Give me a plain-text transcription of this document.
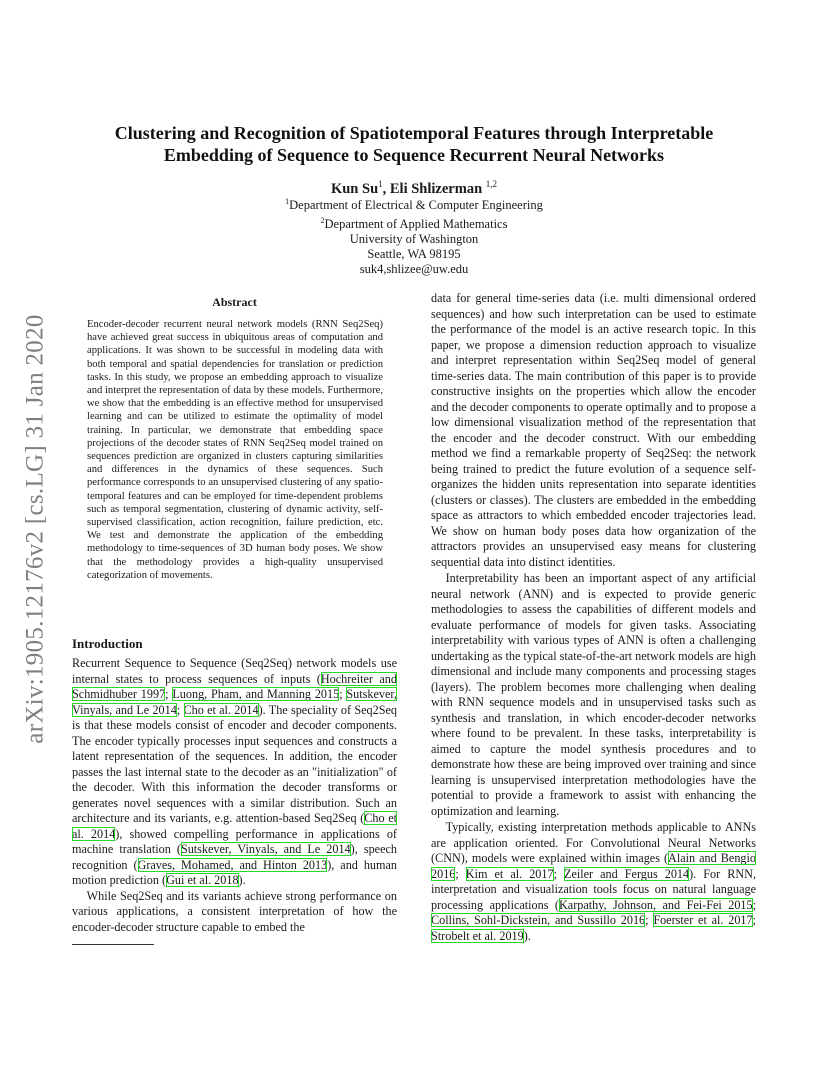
arXiv:1905.12176v2 [cs.LG] 31 Jan 2020
Clustering and Recognition of Spatiotemporal Features through Interpretable
Embedding of Sequence to Sequence Recurrent Neural Networks
Kun Su$^1$, Eli Shlizerman $^{1,2}$
$^1$Department of Electrical & Computer Engineering
$^2$Department of Applied Mathematics
University of Washington
Seattle, WA 98195
suk4,shlizee@uw.edu
Abstract
Encoder-decoder recurrent neural network models (RNN Seq2Seq) have achieved great success in ubiquitous areas of computation and applications. It was shown to be successful in modeling data with both temporal and spatial dependencies for translation or prediction tasks. In this study, we propose an embedding approach to visualize and interpret the representation of data by these models. Furthermore, we show that the embedding is an effective method for unsupervised learning and can be utilized to estimate the optimality of model training. In particular, we demonstrate that embedding space projections of the decoder states of RNN Seq2Seq model trained on sequences prediction are organized in clusters capturing similarities and differences in the dynamics of these sequences. Such performance corresponds to an unsupervised clustering of any spatio-temporal features and can be employed for time-dependent problems such as temporal segmentation, clustering of dynamic activity, self-supervised classification, action recognition, failure prediction, etc. We test and demonstrate the application of the embedding methodology to time-sequences of 3D human body poses. We show that the methodology provides a high-quality unsupervised categorization of movements.
Introduction

Recurrent Sequence to Sequence (Seq2Seq) network models use internal states to process sequences of inputs (Hochreiter and Schmidhuber 1997; Luong, Pham, and Manning 2015; Sutskever, Vinyals, and Le 2014; Cho et al. 2014). The speciality of Seq2Seq is that these models consist of encoder and decoder components. The encoder typically processes input sequences and constructs a latent representation of the sequences. In addition, the encoder passes the last internal state to the decoder as an "initialization" of the decoder. With this information the decoder transforms or generates novel sequences with a similar distribution. Such an architecture and its variants, e.g. attention-based Seq2Seq (Cho et al. 2014), showed compelling performance in applications of machine translation (Sutskever, Vinyals, and Le 2014), speech recognition (Graves, Mohamed, and Hinton 2013), and human motion prediction (Gui et al. 2018).

While Seq2Seq and its variants achieve strong performance on various applications, a consistent interpretation of how the encoder-decoder structure capable to embed the

data for general time-series data (i.e. multi dimensional ordered sequences) and how such interpretation can be used to estimate the performance of the model is an active research topic. In this paper, we propose a dimension reduction approach to visualize and interpret representation within Seq2Seq model of general time-series data. The main contribution of this paper is to provide constructive insights on the properties which allow the encoder and the decoder components to operate optimally and to propose a low dimensional visualization method of the representation that the encoder and the decoder construct. With our embedding method we find a remarkable property of Seq2Seq: the network being trained to predict the future evolution of a sequence self-organizes the hidden units representation into separate identities (clusters or classes). The clusters are embedded in the embedding space as attractors to which embedded encoder trajectories lead. We show on human body poses data how organization of the attractors provides an unsupervised easy means for clustering sequential data into distinct identities.

Interpretability has been an important aspect of any artificial neural network (ANN) and is expected to provide generic methodologies to assess the capabilities of different models and evaluate performance of models for given tasks. Associating interpretability with various types of ANN is often a challenging undertaking as the typical state-of-the-art network models are high dimensional and include many components and processing stages (layers). The problem becomes more challenging when dealing with RNN sequence models and in unsupervised tasks such as synthesis and translation, in which encoder-decoder networks where found to be prevalent. In these tasks, interpretability is aimed to capture the model synthesis procedures and to demonstrate how these are being improved over training and since learning is unsupervised interpretation methodologies have the potential to provide a framework to assist with enhancing the optimization and learning.

Typically, existing interpretation methods applicable to ANNs are application oriented. For Convolutional Neural Networks (CNN), models were explained within images (Alain and Bengio 2016; Kim et al. 2017; Zeiler and Fergus 2014). For RNN, interpretation and visualization tools focus on natural language processing applications (Karpathy, Johnson, and Fei-Fei 2015; Collins, Sohl-Dickstein, and Sussillo 2016; Foerster et al. 2017; Strobelt et al. 2019).
